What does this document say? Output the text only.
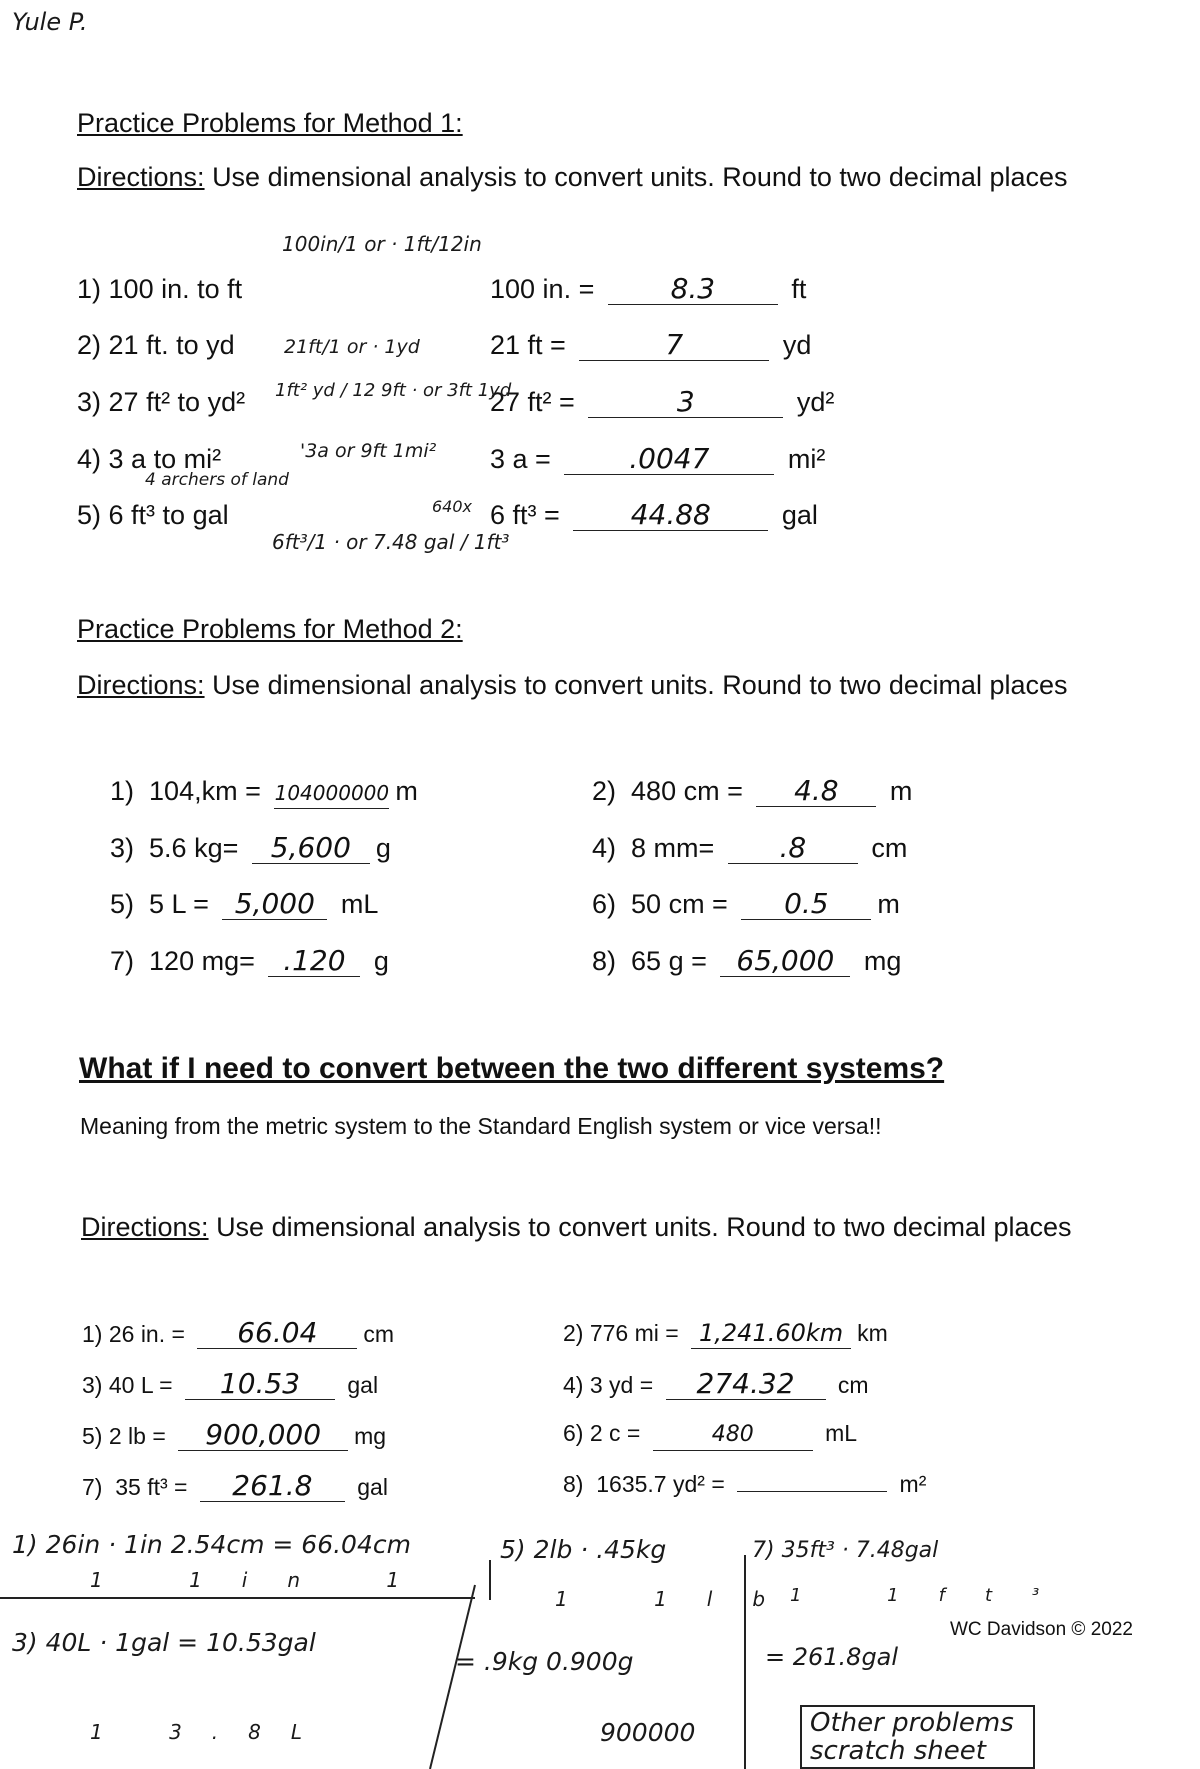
Yule P.
Practice Problems for Method 1:
Directions: Use dimensional analysis to convert units. Round to two decimal places
1) 100 in. to ft	100 in. =	8.3	ft
2) 21 ft. to yd	21 ft =	7	yd
3) 27 ft² to yd²	27 ft² =	3	yd²
4) 3 a to mi²	3 a =	.0047	mi²
5) 6 ft³ to gal	6 ft³ =	44.88	gal
100in/1 or · 1ft/12in
21ft/1 or · 1yd
1ft² yd / 12 9ft · or 3ft 1yd
'3a or 9ft 1mi²
4 archers of land
6ft³/1 · or 7.48 gal / 1ft³
640x
Practice Problems for Method 2:
Directions: Use dimensional analysis to convert units. Round to two decimal places
1) 104,km = 104000000 m	2) 480 cm = 4.8 m
3) 5.6 kg= 5,600 g	4) 8 mm= .8 cm
5) 5 L = 5,000 mL	6) 50 cm = 0.5 m
7) 120 mg= .120 g	8) 65 g = 65,000 mg
What if I need to convert between the two different systems?
Meaning from the metric system to the Standard English system or vice versa!!
Directions: Use dimensional analysis to convert units. Round to two decimal places
1) 26 in. = 66.04 cm	2) 776 mi = 1,241.60km km
3) 40 L = 10.53 gal	4) 3 yd = 274.32 cm
5) 2 lb = 900,000 mg	6) 2 c =	480	mL
7) 35 ft³ = 261.8 gal	8) 1635.7 yd² =	m²
1) 26in · 1in 2.54cm = 66.04cm
1 1in 1
3) 40L · 1gal = 10.53gal
1 3.8L
5) 2lb · .45kg
1 1lb
= .9kg 0.900g
900000
7) 35ft³ · 7.48gal
1 1ft³
= 261.8gal
Other problems scratch sheet
WC Davidson © 2022
